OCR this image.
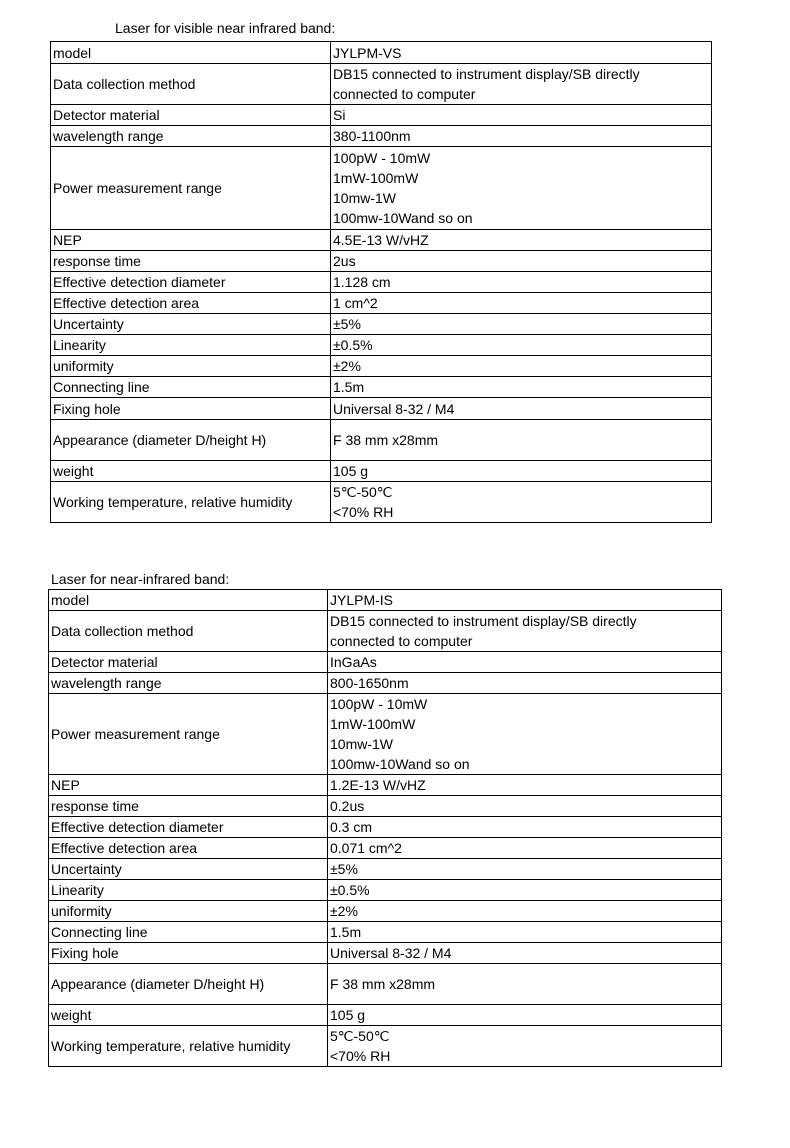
Laser for visible near infrared band:
model	JYLPM-VS

Data collection method	DB15 connected to instrument display/SB directly
connected to computer

Detector material	Si

wavelength range	380-1100nm

Power measurement range	100pW - 10mW
1mW-100mW
10mw-1W
100mw-10Wand so on

NEP	4.5E-13 W/vHZ

response time	2us

Effective detection diameter	1.128 cm

Effective detection area	1 cm^2

Uncertainty	±5%

Linearity	±0.5%

uniformity	±2%

Connecting line	1.5m

Fixing hole	Universal 8-32 / M4

Appearance (diameter D/height H)	F 38 mm x28mm

weight	105 g

Working temperature, relative humidity	5℃-50℃
<70% RH
Laser for near-infrared band:
model	JYLPM-IS

Data collection method	DB15 connected to instrument display/SB directly
connected to computer

Detector material	InGaAs

wavelength range	800-1650nm

Power measurement range	100pW - 10mW
1mW-100mW
10mw-1W
100mw-10Wand so on

NEP	1.2E-13 W/vHZ

response time	0.2us

Effective detection diameter	0.3 cm

Effective detection area	0.071 cm^2

Uncertainty	±5%

Linearity	±0.5%

uniformity	±2%

Connecting line	1.5m

Fixing hole	Universal 8-32 / M4

Appearance (diameter D/height H)	F 38 mm x28mm

weight	105 g

Working temperature, relative humidity	5℃-50℃
<70% RH
